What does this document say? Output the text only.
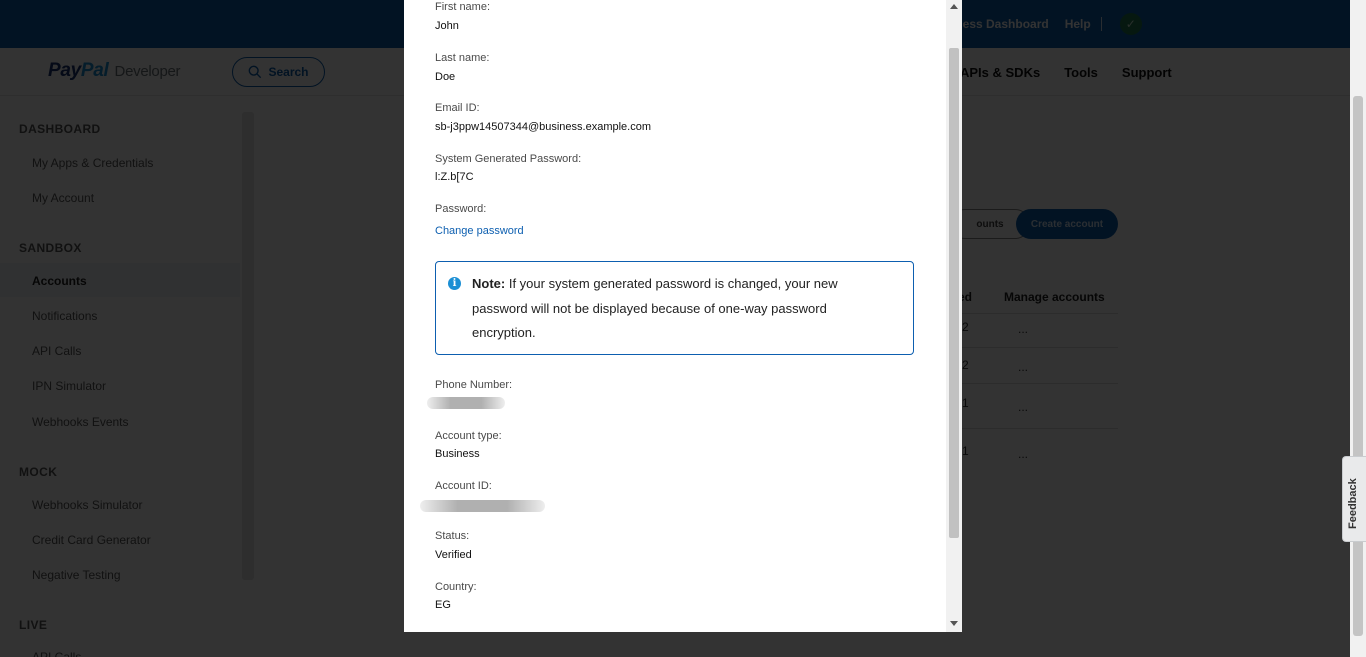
Feedback
First name:
John
Last name:
Doe
Email ID:
sb-j3ppw14507344@business.example.com
System Generated Password:
l:Z.b[7C
Password:
Change password
i	Note: If your system generated password is changed, your new password will not be displayed because of one-way password encryption.
Phone Number:
Account type:
Business
Account ID:
Status:
Verified
Country:
EG
